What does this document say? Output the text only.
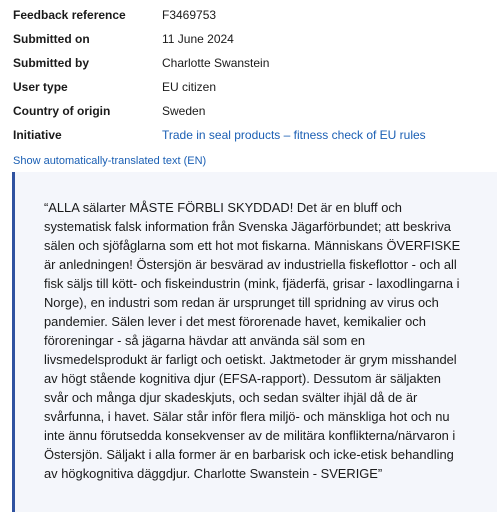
Feedback reference	F3469753
Submitted on	11 June 2024
Submitted by	Charlotte Swanstein
User type	EU citizen
Country of origin	Sweden
Initiative	Trade in seal products – fitness check of EU rules
Show automatically-translated text (EN)
“ALLA sälarter MÅSTE FÖRBLI SKYDDAD! Det är en bluff och
systematisk falsk information från Svenska Jägarförbundet; att beskriva
sälen och sjöfåglarna som ett hot mot fiskarna. Människans ÖVERFISKE
är anledningen! Östersjön är besvärad av industriella fiskeflottor - och all
fisk säljs till kött- och fiskeindustrin (mink, fjäderfä, grisar - laxodlingarna i
Norge), en industri som redan är ursprunget till spridning av virus och
pandemier. Sälen lever i det mest förorenade havet, kemikalier och
föroreningar - så jägarna hävdar att använda säl som en
livsmedelsprodukt är farligt och oetiskt. Jaktmetoder är grym misshandel
av högt stående kognitiva djur (EFSA-rapport). Dessutom är säljakten
svår och många djur skadeskjuts, och sedan svälter ihjäl då de är
svårfunna, i havet. Sälar står inför flera miljö- och mänskliga hot och nu
inte ännu förutsedda konsekvenser av de militära konflikterna/närvaron i
Östersjön. Säljakt i alla former är en barbarisk och icke-etisk behandling
av högkognitiva däggdjur. Charlotte Swanstein - SVERIGE”
